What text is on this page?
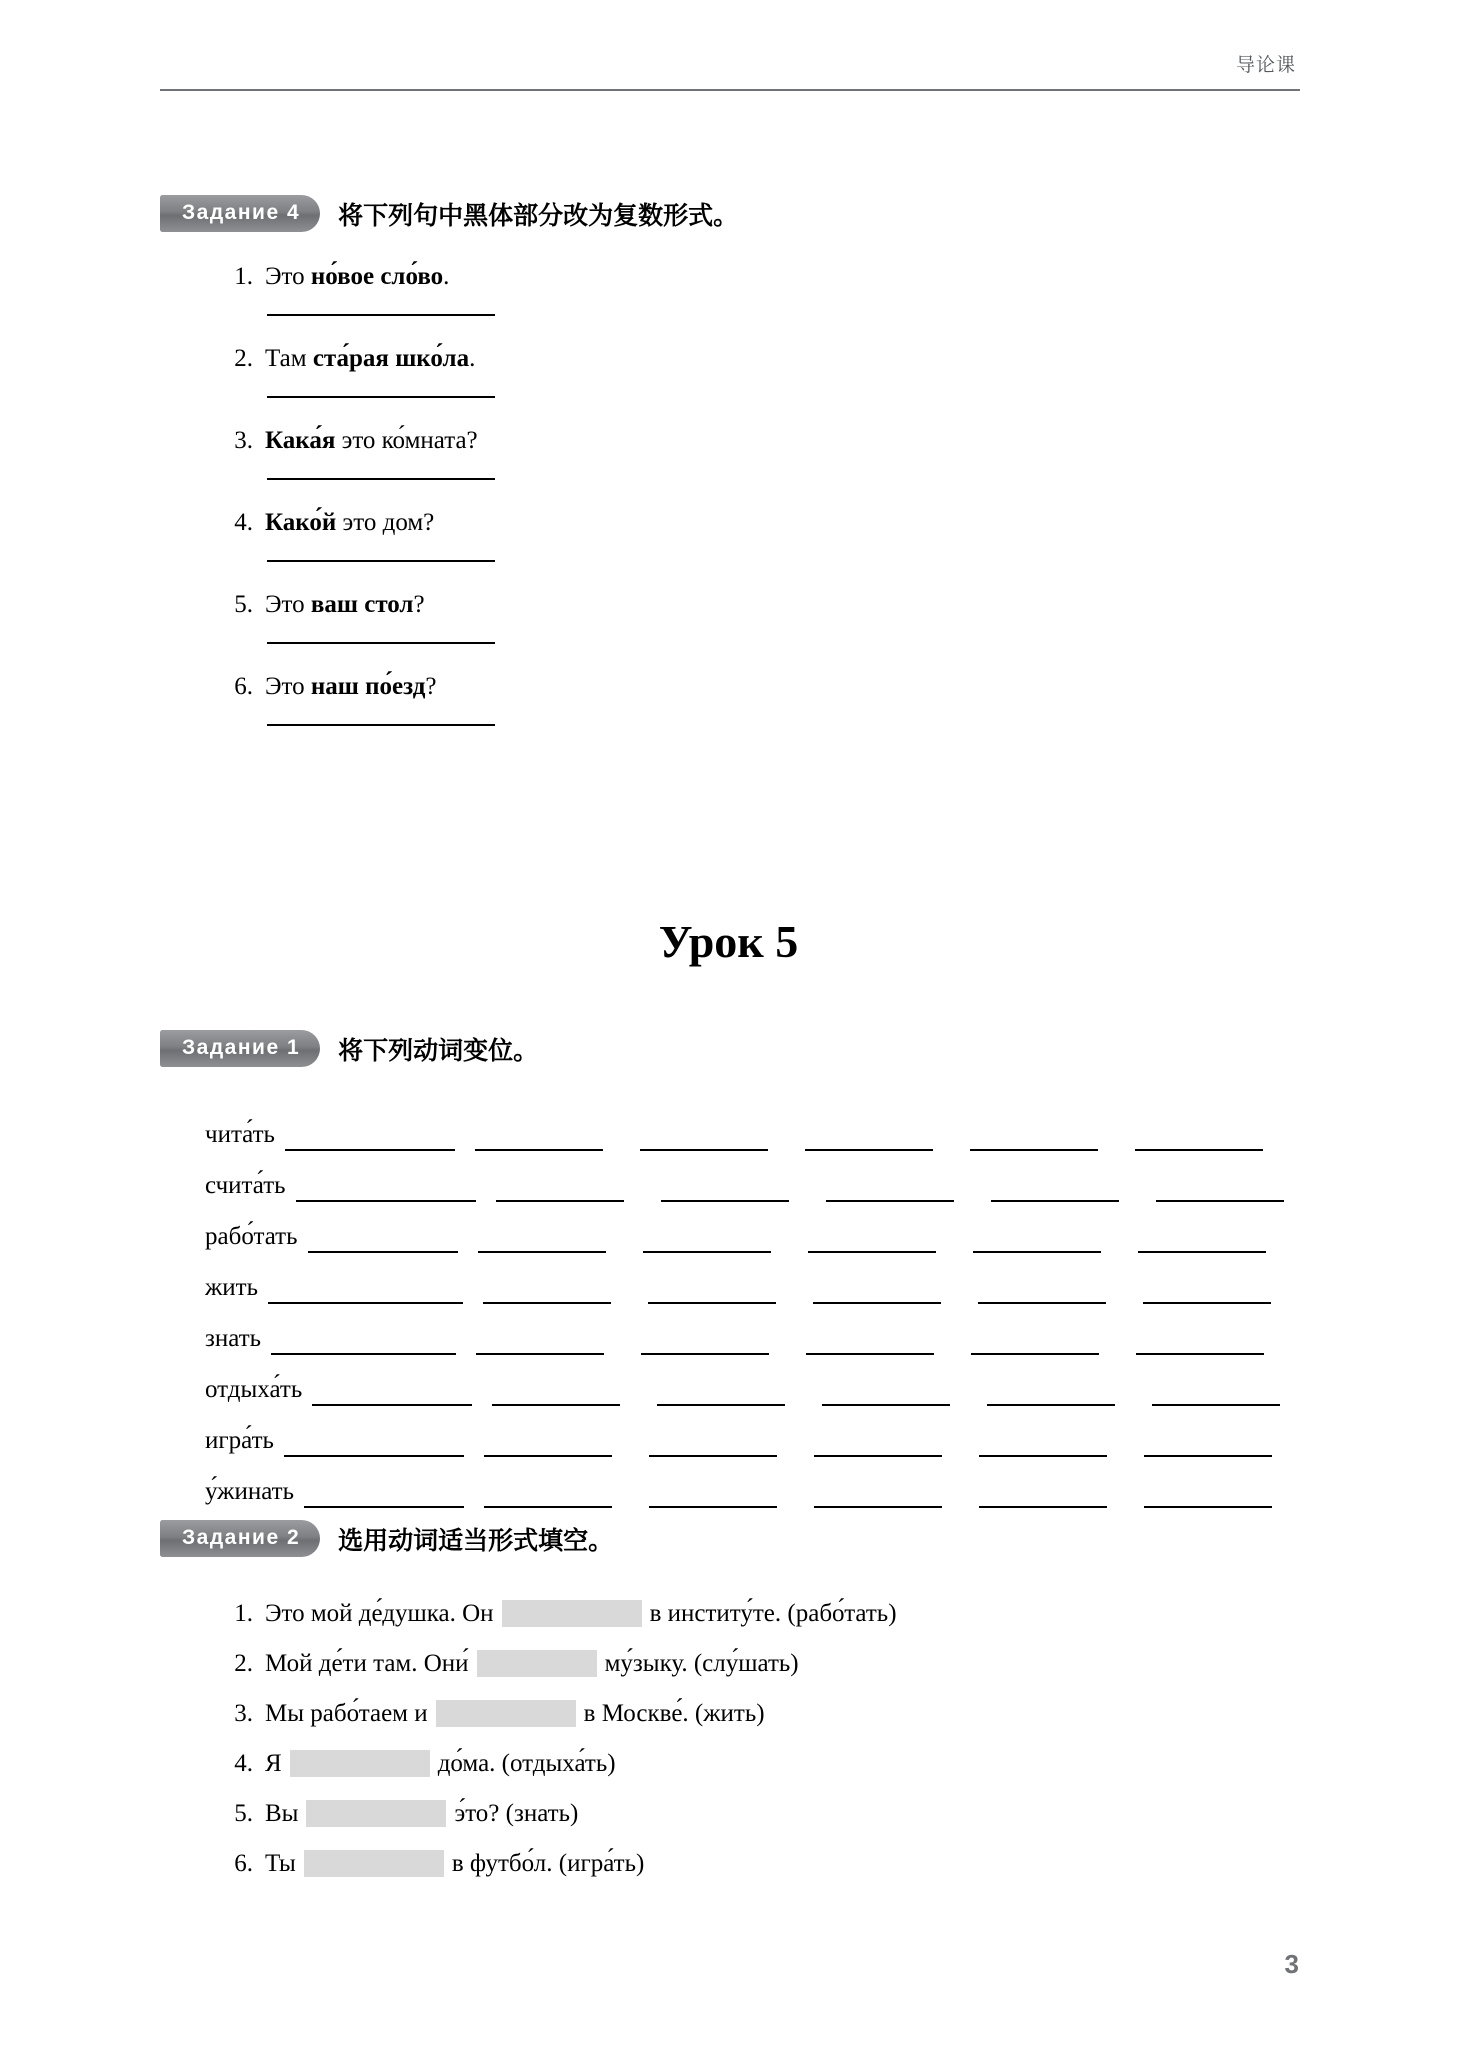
导论课
Задание 4	将下列句中黑体部分改为复数形式。
1. Это но́вое сло́во.
2. Там ста́рая шко́ла.
3. Кака́я это ко́мната?
4. Како́й это дом?
5. Это ваш стол?
6. Это наш по́езд?
Урок 5
Задание 1	将下列动词变位。
чита́ть
счита́ть
рабо́тать
жить
знать
отдыха́ть
игра́ть
у́жинать
Задание 2	选用动词适当形式填空。
1. Это мой де́душка. Он	в институ́те. (рабо́тать)
2. Мой де́ти там. Они́	му́зыку. (слу́шать)
3. Мы рабо́таем и	в Москве́. (жить)
4. Я	до́ма. (отдыха́ть)
5. Вы	э́то? (знать)
6. Ты	в футбо́л. (игра́ть)
3
